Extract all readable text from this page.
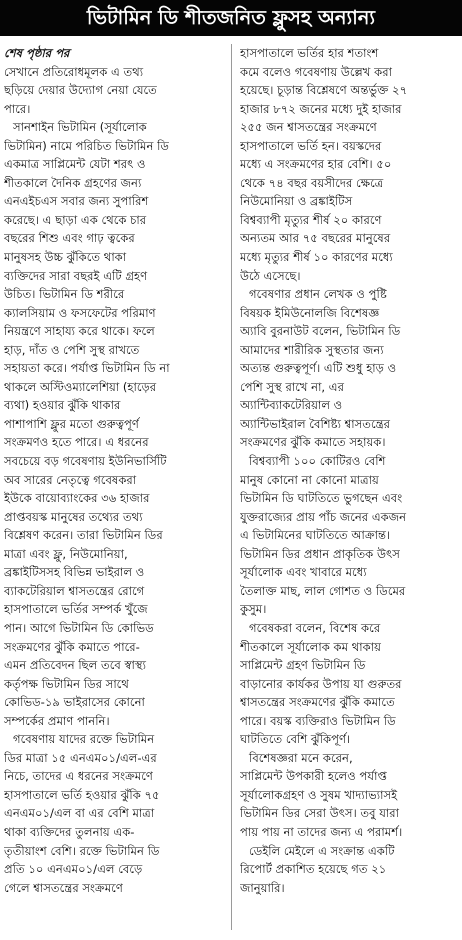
ভিটামিন ডি শীতজনিত ফ্লুসহ অন্যান্য
শেষ পৃষ্ঠার পর
সেখানে প্রতিরোধমূলক এ তথ্য
ছড়িয়ে দেয়ার উদ্যোগ নেয়া যেতে
পারে।
সানশাইন ভিটামিন (সূর্যালোক
ভিটামিন) নামে পরিচিত ভিটামিন ডি
একমাত্র সাপ্লিমেন্ট যেটা শরৎ ও
শীতকালে দৈনিক গ্রহণের জন্য
এনএইচএস সবার জন্য সুপারিশ
করেছে। এ ছাড়া এক থেকে চার
বছরের শিশু এবং গাঢ় ত্বকের
মানুষসহ উচ্চ ঝুঁকিতে থাকা
ব্যক্তিদের সারা বছরই এটি গ্রহণ
উচিত। ভিটামিন ডি শরীরে
ক্যালসিয়াম ও ফসফেটের পরিমাণ
নিয়ন্ত্রণে সাহায্য করে থাকে। ফলে
হাড়, দাঁত ও পেশি সুস্থ রাখতে
সহায়তা করে। পর্যাপ্ত ভিটামিন ডি না
থাকলে অস্টিওম্যালেশিয়া (হাড়ের
ব্যথা) হওয়ার ঝুঁকি থাকার
পাশাপাশি ফ্লুর মতো গুরুত্বপূর্ণ
সংক্রমণও হতে পারে। এ ধরনের
সবচেয়ে বড় গবেষণায় ইউনিভার্সিটি
অব সারের নেতৃত্বে গবেষকরা
ইউকে বায়োব্যাংকের ৩৬ হাজার
প্রাপ্তবয়স্ক মানুষের তথ্যের তথ্য
বিশ্লেষণ করেন। তারা ভিটামিন ডির
মাত্রা এবং ফ্লু, নিউমোনিয়া,
ব্রঙ্কাইটিসসহ বিভিন্ন ভাইরাল ও
ব্যাকটেরিয়াল শ্বাসতন্ত্রের রোগে
হাসপাতালে ভর্তির সম্পর্ক খুঁজে
পান। আগে ভিটামিন ডি কোভিড
সংক্রমণের ঝুঁকি কমাতে পারে-
এমন প্রতিবেদন ছিল তবে স্বাস্থ্য
কর্তৃপক্ষ ভিটামিন ডির সাথে
কোভিড-১৯ ভাইরাসের কোনো
সম্পর্কের প্রমাণ পাননি।
গবেষণায় যাদের রক্তে ভিটামিন
ডির মাত্রা ১৫ এনএম০১/এল-এর
নিচে, তাদের এ ধরনের সংক্রমণে
হাসপাতালে ভর্তি হওয়ার ঝুঁকি ৭৫
এনএম০১/এল বা এর বেশি মাত্রা
থাকা ব্যক্তিদের তুলনায় এক-
তৃতীয়াংশ বেশি। রক্তে ভিটামিন ডি
প্রতি ১০ এনএম০১/এল বেড়ে
গেলে শ্বাসতন্ত্রের সংক্রমণে
হাসপাতালে ভর্তির হার শতাংশ
কমে বলেও গবেষণায় উল্লেখ করা
হয়েছে। চূড়ান্ত বিশ্লেষণে অন্তর্ভুক্ত ২৭
হাজার ৮৭২ জনের মধ্যে দুই হাজার
২৫৫ জন শ্বাসতন্ত্রের সংক্রমণে
হাসপাতালে ভর্তি হন। বয়স্কদের
মধ্যে এ সংক্রমণের হার বেশি। ৫০
থেকে ৭৪ বছর বয়সীদের ক্ষেত্রে
নিউমোনিয়া ও ব্রঙ্কাইটিস
বিশ্বব্যাপী মৃত্যুর শীর্ষ ২০ কারণে
অন্যতম আর ৭৫ বছরের মানুষের
মধ্যে মৃত্যুর শীর্ষ ১০ কারণের মধ্যে
উঠে এসেছে।
গবেষণার প্রধান লেখক ও পুষ্টি
বিষয়ক ইমিউনোলজি বিশেষজ্ঞ
অ্যাবি বুরনাউট বলেন, ভিটামিন ডি
আমাদের শারীরিক সুস্থতার জন্য
অত্যন্ত গুরুত্বপূর্ণ। এটি শুধু হাড় ও
পেশি সুস্থ রাখে না, এর
অ্যান্টিব্যাকটেরিয়াল ও
অ্যান্টিভাইরাল বৈশিষ্ট্য শ্বাসতন্ত্রের
সংক্রমণের ঝুঁকি কমাতে সহায়ক।
বিশ্বব্যাপী ১০০ কোটিরও বেশি
মানুষ কোনো না কোনো মাত্রায়
ভিটামিন ডি ঘাটতিতে ভুগছেন এবং
যুক্তরাজ্যের প্রায় পাঁচ জনের একজন
এ ভিটামিনের ঘাটতিতে আক্রান্ত।
ভিটামিন ডির প্রধান প্রাকৃতিক উৎস
সূর্যালোক এবং খাবারে মধ্যে
তৈলাক্ত মাছ, লাল গোশত ও ডিমের
কুসুম।
গবেষকরা বলেন, বিশেষ করে
শীতকালে সূর্যালোক কম থাকায়
সাপ্লিমেন্ট গ্রহণ ভিটামিন ডি
বাড়ানোর কার্যকর উপায় যা গুরুতর
শ্বাসতন্ত্রের সংক্রমণের ঝুঁকি কমাতে
পারে। বয়স্ক ব্যক্তিরাও ভিটামিন ডি
ঘাটতিতে বেশি ঝুঁকিপূর্ণ।
বিশেষজ্ঞরা মনে করেন,
সাপ্লিমেন্ট উপকারী হলেও পর্যাপ্ত
সূর্যালোকগ্রহণ ও সুষম খাদ্যাভ্যাসই
ভিটামিন ডির সেরা উৎস। তবু যারা
পায় পায় না তাদের জন্য এ পরামর্শ।
ডেইলি মেইলে এ সংক্রান্ত একটি
রিপোর্ট প্রকাশিত হয়েছে গত ২১
জানুয়ারি।
